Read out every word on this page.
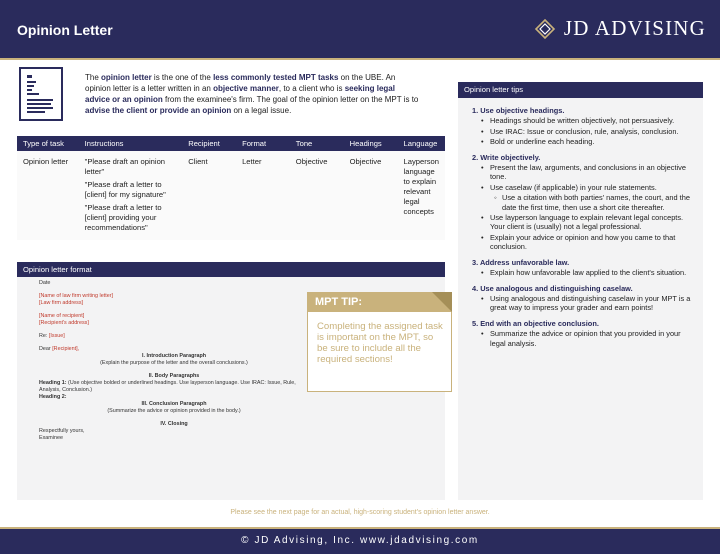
Opinion Letter	JD ADVISING
The opinion letter is the one of the less commonly tested MPT tasks on the UBE. An opinion letter is a letter written in an objective manner, to a client who is seeking legal advice or an opinion from the examinee's firm. The goal of the opinion letter on the MPT is to advise the client or provide an opinion on a legal issue.
Type of task	Instructions	Recipient	Format	Tone	Headings	Language
Opinion letter	"Please draft an opinion letter"

"Please draft a letter to [client] for my signature"

"Please draft a letter to [client] providing your recommendations"	Client	Letter	Objective	Objective	Layperson language to explain relevant legal concepts
Opinion letter format
Date
[Name of law firm writing letter]
[Law firm address]
[Name of recipient]
[Recipient's address]
Re: [Issue]
Dear [Recipient],
I. Introduction Paragraph
(Explain the purpose of the letter and the overall conclusions.)
II. Body Paragraphs
Heading 1: (Use objective bolded or underlined headings. Use layperson language. Use IRAC: Issue, Rule, Analysis, Conclusion.)
Heading 2:
III. Conclusion Paragraph
(Summarize the advice or opinion provided in the body.)
IV. Closing
Respectfully yours,
Examinee
MPT TIP:
Completing the assigned task is important on the MPT, so be sure to include all the required sections!
Opinion letter tips
1. Use objective headings.
• Headings should be written objectively, not persuasively.
• Use IRAC: Issue or conclusion, rule, analysis, conclusion.
• Bold or underline each heading.
2. Write objectively.
• Present the law, arguments, and conclusions in an objective tone.
• Use caselaw (if applicable) in your rule statements.
◦ Use a citation with both parties' names, the court, and the date the first time, then use a short cite thereafter.
• Use layperson language to explain relevant legal concepts. Your client is (usually) not a legal professional.
• Explain your advice or opinion and how you came to that conclusion.
3. Address unfavorable law.
• Explain how unfavorable law applied to the client's situation.
4. Use analogous and distinguishing caselaw.
• Using analogous and distinguishing caselaw in your MPT is a great way to impress your grader and earn points!
5. End with an objective conclusion.
• Summarize the advice or opinion that you provided in your legal analysis.
Please see the next page for an actual, high-scoring student's opinion letter answer.
© JD Advising, Inc. www.jdadvising.com
